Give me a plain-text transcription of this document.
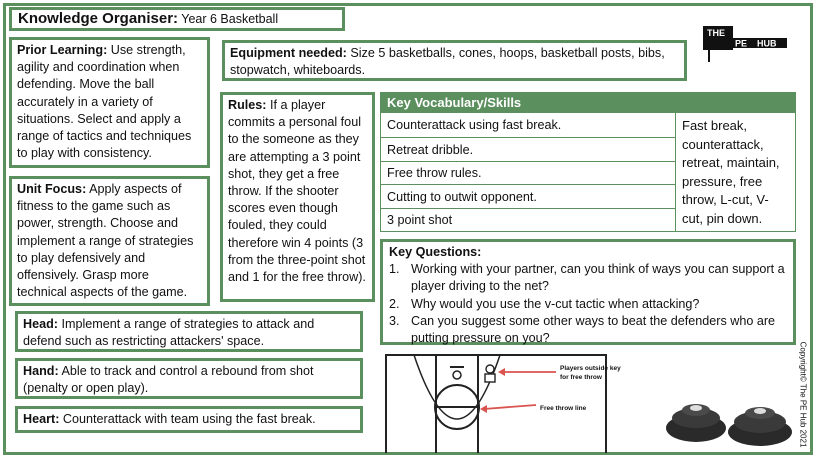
Knowledge Organiser: Year 6 Basketball
THE
PE HUB
Prior Learning: Use strength, agility and coordination when defending. Move the ball accurately in a variety of situations. Select and apply a range of tactics and techniques to play with consistency.
Unit Focus: Apply aspects of fitness to the game such as power, strength. Choose and implement a range of strategies to play defensively and offensively. Grasp more technical aspects of the game.
Equipment needed: Size 5 basketballs, cones, hoops, basketball posts, bibs, stopwatch, whiteboards.
Rules: If a player commits a personal foul to the someone as they are attempting a 3 point shot, they get a free throw. If the shooter scores even though fouled, they could therefore win 4 points (3 from the three-point shot and 1 for the free throw).
Key Vocabulary/Skills
Counterattack using fast break.
Retreat dribble.
Free throw rules.
Cutting to outwit opponent.
3 point shot
Fast break, counterattack, retreat, maintain, pressure, free throw, L-cut, V-cut, pin down.
Key Questions:
1. Working with your partner, can you think of ways you can support a player driving to the net?
2. Why would you use the v-cut tactic when attacking?
3. Can you suggest some other ways to beat the defenders who are putting pressure on you?
Head: Implement a range of strategies to attack and defend such as restricting attackers' space.
Hand: Able to track and control a rebound from shot (penalty or open play).
Heart: Counterattack with team using the fast break.
Players outside key for free throw
Free throw line	Copyright© The PE Hub 2021
